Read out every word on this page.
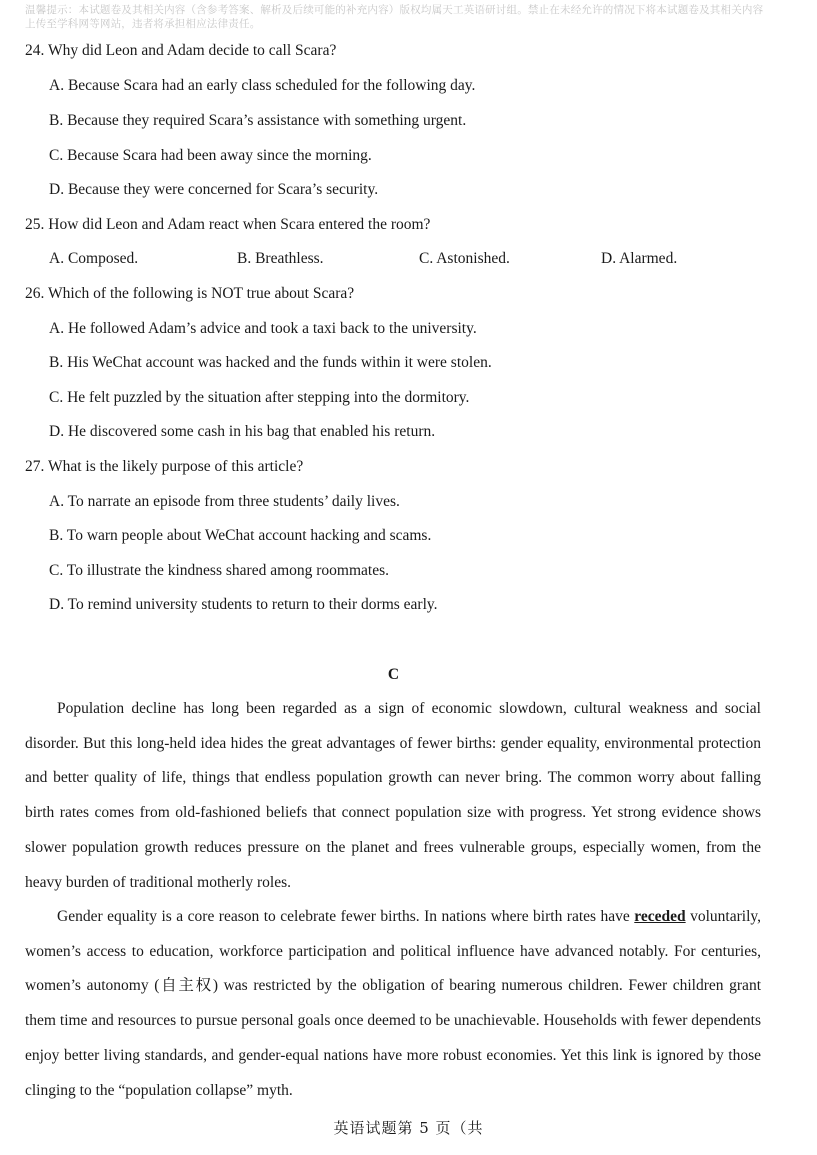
温馨提示：本试题卷及其相关内容（含参考答案、解析及后续可能的补充内容）版权均属天工英语研讨组。禁止在未经允许的情况下将本试题卷及其相关内容上传至学科网等网站，违者将承担相应法律责任。
24. Why did Leon and Adam decide to call Scara?
A. Because Scara had an early class scheduled for the following day.
B. Because they required Scara’s assistance with something urgent.
C. Because Scara had been away since the morning.
D. Because they were concerned for Scara’s security.
25. How did Leon and Adam react when Scara entered the room?
A. Composed.	B. Breathless.	C. Astonished.	D. Alarmed.
26. Which of the following is NOT true about Scara?
A. He followed Adam’s advice and took a taxi back to the university.
B. His WeChat account was hacked and the funds within it were stolen.
C. He felt puzzled by the situation after stepping into the dormitory.
D. He discovered some cash in his bag that enabled his return.
27. What is the likely purpose of this article?
A. To narrate an episode from three students’ daily lives.
B. To warn people about WeChat account hacking and scams.
C. To illustrate the kindness shared among roommates.
D. To remind university students to return to their dorms early.
C

Population decline has long been regarded as a sign of economic slowdown, cultural weakness and social disorder. But this long-held idea hides the great advantages of fewer births: gender equality, environmental protection and better quality of life, things that endless population growth can never bring. The common worry about falling birth rates comes from old-fashioned beliefs that connect population size with progress. Yet strong evidence shows slower population growth reduces pressure on the planet and frees vulnerable groups, especially women, from the heavy burden of traditional motherly roles.

Gender equality is a core reason to celebrate fewer births. In nations where birth rates have receded voluntarily, women’s access to education, workforce participation and political influence have advanced notably. For centuries, women’s autonomy (自主权) was restricted by the obligation of bearing numerous children. Fewer children grant them time and resources to pursue personal goals once deemed to be unachievable. Households with fewer dependents enjoy better living standards, and gender-equal nations have more robust economies. Yet this link is ignored by those clinging to the “population collapse” myth.

英语试题第 5 页（共
